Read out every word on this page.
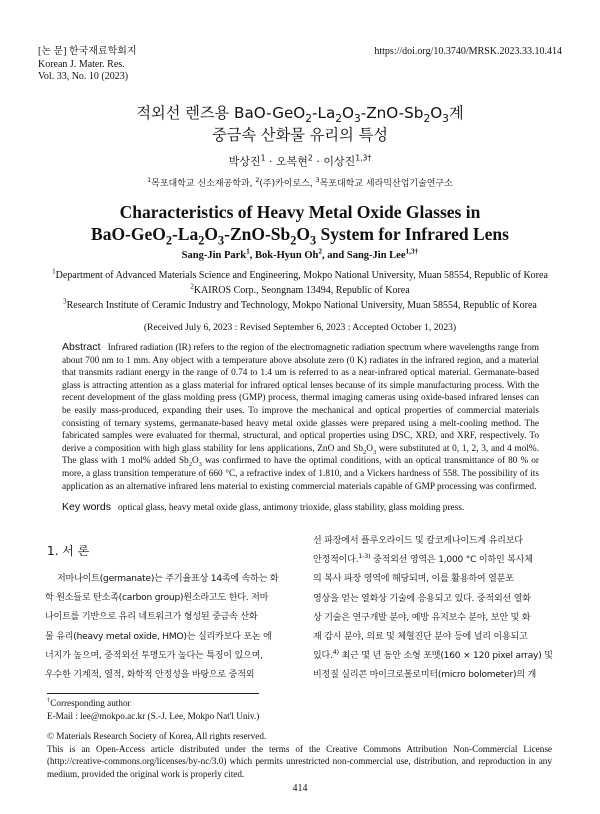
[논 문] 한국재료학회지
Korean J. Mater. Res.
Vol. 33, No. 10 (2023)
https://doi.org/10.3740/MRSK.2023.33.10.414
적외선 렌즈용 BaO-$GeO_2-La_2O_3-ZnO-Sb_2O_3$계
중금속 산화물 유리의 특성
박상진$^1$ · 오복현$^2$ · 이상진$^{1,3\dagger}$
$^1$목포대학교 신소재공학과, $^2$(주)카이로스, $^3$목포대학교 세라믹산업기술연구소
Characteristics of Heavy Metal Oxide Glasses in
BaO-$GeO_2-La_2O_3-ZnO-Sb_2O_3$ System for Infrared Lens
Sang-Jin Park$^1$, Bok-Hyun Oh$^2$, and Sang-Jin Lee$^{1,3\dagger}$
$^1$Department of Advanced Materials Science and Engineering, Mokpo National University, Muan 58554, Republic of Korea
$^2$KAIROS Corp., Seongnam 13494, Republic of Korea
$^3$Research Institute of Ceramic Industry and Technology, Mokpo National University, Muan 58554, Republic of Korea
(Received July 6, 2023 : Revised September 6, 2023 : Accepted October 1, 2023)
Abstract Infrared radiation (IR) refers to the region of the electromagnetic radiation spectrum where wavelengths range from about 700 nm to 1 mm. Any object with a temperature above absolute zero (0 K) radiates in the infrared region, and a material that transmits radiant energy in the range of 0.74 to 1.4 um is referred to as a near-infrared optical material. Germanate-based glass is attracting attention as a glass material for infrared optical lenses because of its simple manufacturing process. With the recent development of the glass molding press (GMP) process, thermal imaging cameras using oxide-based infrared lenses can be easily mass-produced, expanding their uses. To improve the mechanical and optical properties of commercial materials consisting of ternary systems, germanate-based heavy metal oxide glasses were prepared using a melt-cooling method. The fabricated samples were evaluated for thermal, structural, and optical properties using DSC, XRD, and XRF, respectively. To derive a composition with high glass stability for lens applications, ZnO and $Sb_2O_3$ were substituted at 0, 1, 2, 3, and 4 mol%. The glass with 1 mol% added $Sb_2O_3$ was confirmed to have the optimal conditions, with an optical transmittance of 80 % or more, a glass transition temperature of 660 °C, a refractive index of 1.810, and a Vickers hardness of 558. The possibility of its application as an alternative infrared lens material to existing commercial materials capable of GMP processing was confirmed.
Key words optical glass, heavy metal oxide glass, antimony trioxide, glass stability, glass molding press.
1. 서 론
저마나이트(germanate)는 주기율표상 14족에 속하는 화
학 원소들로 탄소족(carbon group)원소라고도 한다. 저마
나이트를 기반으로 유리 네트워크가 형성된 중금속 산화
물 유리(heavy metal oxide, HMO)는 실리카보다 포논 에
너지가 높으며, 중적외선 투명도가 높다는 특징이 있으며,
우수한 기계적, 열적, 화학적 안정성을 바탕으로 중적외
선 파장에서 플루오라이드 및 칼코게나이드계 유리보다
안정적이다.$^{1-3)}$ 중적외선 영역은 1,000 °C 이하인 복사체
의 복사 파장 영역에 해당되며, 이를 활용하여 열분포
영상을 얻는 열화상 기술에 응용되고 있다. 중적외선 열화
상 기술은 연구개발 분야, 예방 유지보수 분야, 보안 및 화
재 감시 분야, 의료 및 체혈진단 분야 등에 널리 이용되고
있다.$^{4)}$ 최근 몇 년 동안 소형 포맷(160 × 120 pixel array) 및
비정질 실리콘 마이크로볼로미터(micro bolometer)의 개
†Corresponding author
E-Mail : lee@mokpo.ac.kr (S.-J. Lee, Mokpo Nat'l Univ.)
© Materials Research Society of Korea, All rights reserved.
This is an Open-Access article distributed under the terms of the Creative Commons Attribution Non-Commercial License (http://creative-commons.org/licenses/by-nc/3.0) which permits unrestricted non-commercial use, distribution, and reproduction in any medium, provided the original work is properly cited.
414
